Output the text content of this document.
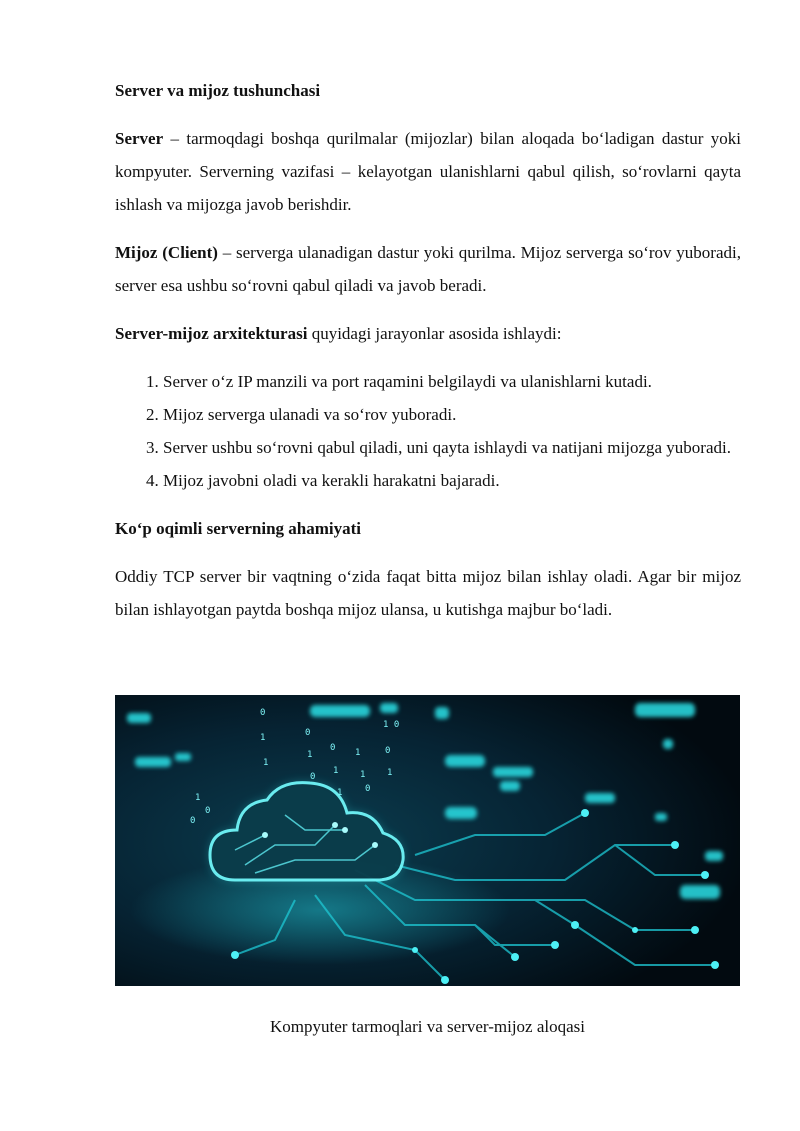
Server va mijoz tushunchasi

Server – tarmoqdagi boshqa qurilmalar (mijozlar) bilan aloqada bo‘ladigan dastur yoki kompyuter. Serverning vazifasi – kelayotgan ulanishlarni qabul qilish, so‘rovlarni qayta ishlash va mijozga javob berishdir.

Mijoz (Client) – serverga ulanadigan dastur yoki qurilma. Mijoz serverga so‘rov yuboradi, server esa ushbu so‘rovni qabul qiladi va javob beradi.

Server-mijoz arxitekturasi quyidagi jarayonlar asosida ishlaydi:

1. Server o‘z IP manzili va port raqamini belgilaydi va ulanishlarni kutadi.
2. Mijoz serverga ulanadi va so‘rov yuboradi.
3. Server ushbu so‘rovni qabul qiladi, uni qayta ishlaydi va natijani mijozga yuboradi.
4. Mijoz javobni oladi va kerakli harakatni bajaradi.
Ko‘p oqimli serverning ahamiyati

Oddiy TCP server bir vaqtning o‘zida faqat bitta mijoz bilan ishlay oladi. Agar bir mijoz bilan ishlayotgan paytda boshqa mijoz ulansa, u kutishga majbur bo‘ladi.

0
1
1
0
1
0
0
1
1
1
1
0
1 0
0
1
1
0
0
Kompyuter tarmoqlari va server-mijoz aloqasi
